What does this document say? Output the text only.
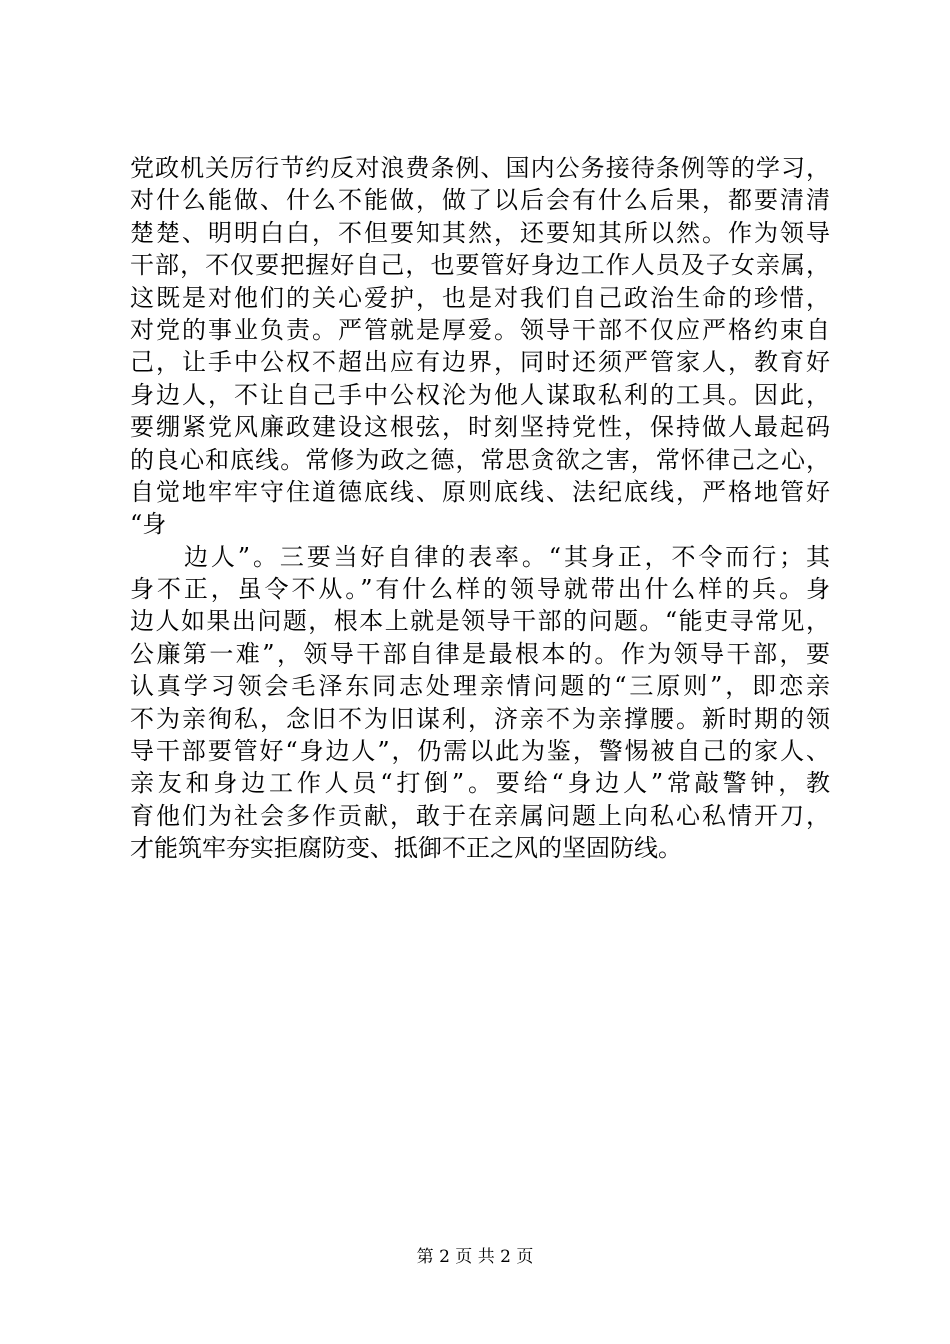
党政机关厉行节约反对浪费条例、国内公务接待条例等的学习，
对什么能做、什么不能做，做了以后会有什么后果，都要清清
楚楚、明明白白，不但要知其然，还要知其所以然。作为领导
干部，不仅要把握好自己，也要管好身边工作人员及子女亲属，
这既是对他们的关心爱护，也是对我们自己政治生命的珍惜，
对党的事业负责。严管就是厚爱。领导干部不仅应严格约束自
己，让手中公权不超出应有边界，同时还须严管家人，教育好
身边人，不让自己手中公权沦为他人谋取私利的工具。因此，
要绷紧党风廉政建设这根弦，时刻坚持党性，保持做人最起码
的良心和底线。常修为政之德，常思贪欲之害，常怀律己之心，
自觉地牢牢守住道德底线、原则底线、法纪底线，严格地管好
“身
边人”。三要当好自律的表率。“其身正，不令而行；其
身不正，虽令不从。”有什么样的领导就带出什么样的兵。身
边人如果出问题，根本上就是领导干部的问题。“能吏寻常见，
公廉第一难”，领导干部自律是最根本的。作为领导干部，要
认真学习领会毛泽东同志处理亲情问题的“三原则”，即恋亲
不为亲徇私，念旧不为旧谋利，济亲不为亲撑腰。新时期的领
导干部要管好“身边人”，仍需以此为鉴，警惕被自己的家人、
亲友和身边工作人员“打倒”。要给“身边人”常敲警钟，教
育他们为社会多作贡献，敢于在亲属问题上向私心私情开刀，
才能筑牢夯实拒腐防变、抵御不正之风的坚固防线。
第 2 页 共 2 页
